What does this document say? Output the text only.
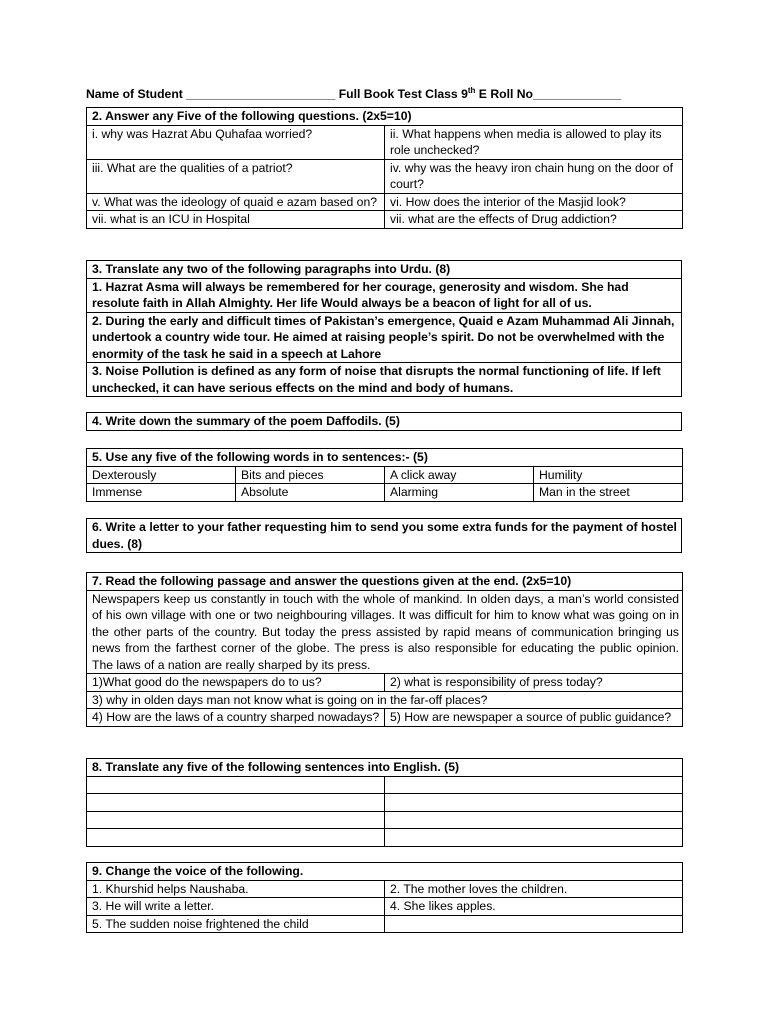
Name of Student ______________________ Full Book Test Class 9th E Roll No_____________
2. Answer any Five of the following questions. (2x5=10)	
i. why was Hazrat Abu Quhafaa worried?	ii. What happens when media is allowed to play its role unchecked?
iii. What are the qualities of a patriot?	iv. why was the heavy iron chain hung on the door of court?
v. What was the ideology of quaid e azam based on?	vi. How does the interior of the Masjid look?
vii. what is an ICU in Hospital	vii. what are the effects of Drug addiction?
3. Translate any two of the following paragraphs into Urdu. (8)
1. Hazrat Asma will always be remembered for her courage, generosity and wisdom. She had resolute faith in Allah Almighty. Her life Would always be a beacon of light for all of us.
2. During the early and difficult times of Pakistan’s emergence, Quaid e Azam Muhammad Ali Jinnah, undertook a country wide tour. He aimed at raising people’s spirit. Do not be overwhelmed with the enormity of the task he said in a speech at Lahore
3. Noise Pollution is defined as any form of noise that disrupts the normal functioning of life. If left unchecked, it can have serious effects on the mind and body of humans.
4. Write down the summary of the poem Daffodils. (5)
5. Use any five of the following words in to sentences:- (5)			
Dexterously	Bits and pieces	A click away	Humility
Immense	Absolute	Alarming	Man in the street
6. Write a letter to your father requesting him to send you some extra funds for the payment of hostel dues. (8)
7. Read the following passage and answer the questions given at the end. (2x5=10)	
Newspapers keep us constantly in touch with the whole of mankind. In olden days, a man’s world consisted of his own village with one or two neighbouring villages. It was difficult for him to know what was going on in the other parts of the country. But today the press assisted by rapid means of communication bringing us news from the farthest corner of the globe. The press is also responsible for educating the public opinion. The laws of a nation are really sharped by its press.	
1)What good do the newspapers do to us?	2) what is responsibility of press today?
3) why in olden days man not know what is going on in the far-off places?	
4) How are the laws of a country sharped nowadays?	5) How are newspaper a source of public guidance?
8. Translate any five of the following sentences into English. (5)	

9. Change the voice of the following.	
1. Khurshid helps Naushaba.	2. The mother loves the children.
3. He will write a letter.	4. She likes apples.
5. The sudden noise frightened the child	
